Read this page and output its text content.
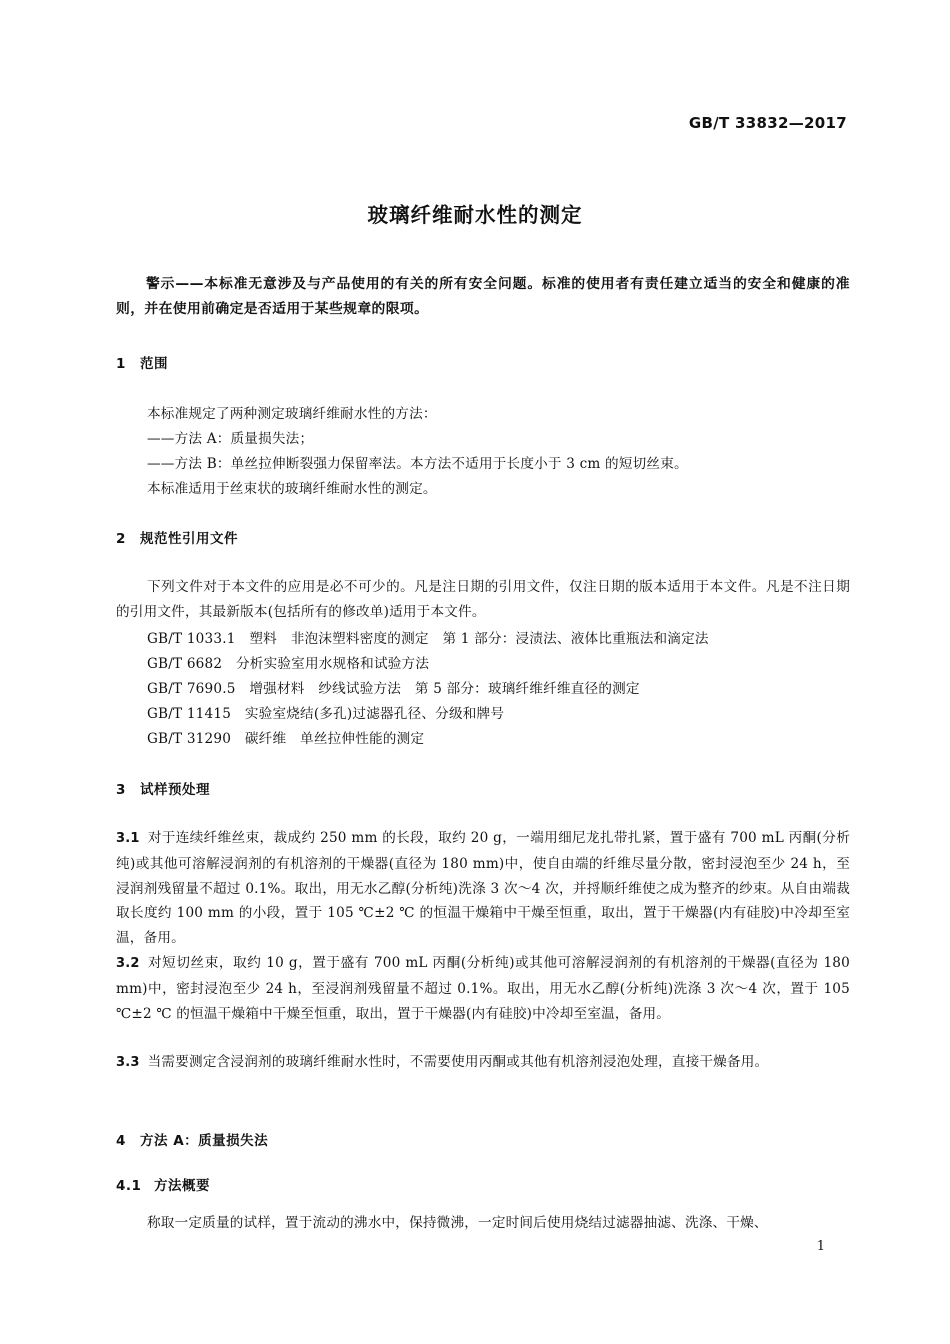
GB/T 33832—2017
玻璃纤维耐水性的测定
警示——本标准无意涉及与产品使用的有关的所有安全问题。标准的使用者有责任建立适当的安全和健康的准则，并在使用前确定是否适用于某些规章的限项。
1 范围
本标准规定了两种测定玻璃纤维耐水性的方法：
——方法 A：质量损失法；
——方法 B：单丝拉伸断裂强力保留率法。本方法不适用于长度小于 3 cm 的短切丝束。
本标准适用于丝束状的玻璃纤维耐水性的测定。
2 规范性引用文件
下列文件对于本文件的应用是必不可少的。凡是注日期的引用文件，仅注日期的版本适用于本文件。凡是不注日期的引用文件，其最新版本(包括所有的修改单)适用于本文件。
GB/T 1033.1　塑料　非泡沫塑料密度的测定　第 1 部分：浸渍法、液体比重瓶法和滴定法
GB/T 6682　分析实验室用水规格和试验方法
GB/T 7690.5　增强材料　纱线试验方法　第 5 部分：玻璃纤维纤维直径的测定
GB/T 11415　实验室烧结(多孔)过滤器孔径、分级和牌号
GB/T 31290　碳纤维　单丝拉伸性能的测定
3 试样预处理
3.1 对于连续纤维丝束，裁成约 250 mm 的长段，取约 20 g，一端用细尼龙扎带扎紧，置于盛有 700 mL 丙酮(分析纯)或其他可溶解浸润剂的有机溶剂的干燥器(直径为 180 mm)中，使自由端的纤维尽量分散，密封浸泡至少 24 h，至浸润剂残留量不超过 0.1%。取出，用无水乙醇(分析纯)洗涤 3 次～4 次，并捋顺纤维使之成为整齐的纱束。从自由端裁取长度约 100 mm 的小段，置于 105 ℃±2 ℃ 的恒温干燥箱中干燥至恒重，取出，置于干燥器(内有硅胶)中冷却至室温，备用。
3.2 对短切丝束，取约 10 g，置于盛有 700 mL 丙酮(分析纯)或其他可溶解浸润剂的有机溶剂的干燥器(直径为 180 mm)中，密封浸泡至少 24 h，至浸润剂残留量不超过 0.1%。取出，用无水乙醇(分析纯)洗涤 3 次～4 次，置于 105 ℃±2 ℃ 的恒温干燥箱中干燥至恒重，取出，置于干燥器(内有硅胶)中冷却至室温，备用。
3.3 当需要测定含浸润剂的玻璃纤维耐水性时，不需要使用丙酮或其他有机溶剂浸泡处理，直接干燥备用。
4 方法 A：质量损失法
4.1 方法概要
称取一定质量的试样，置于流动的沸水中，保持微沸，一定时间后使用烧结过滤器抽滤、洗涤、干燥、
1
